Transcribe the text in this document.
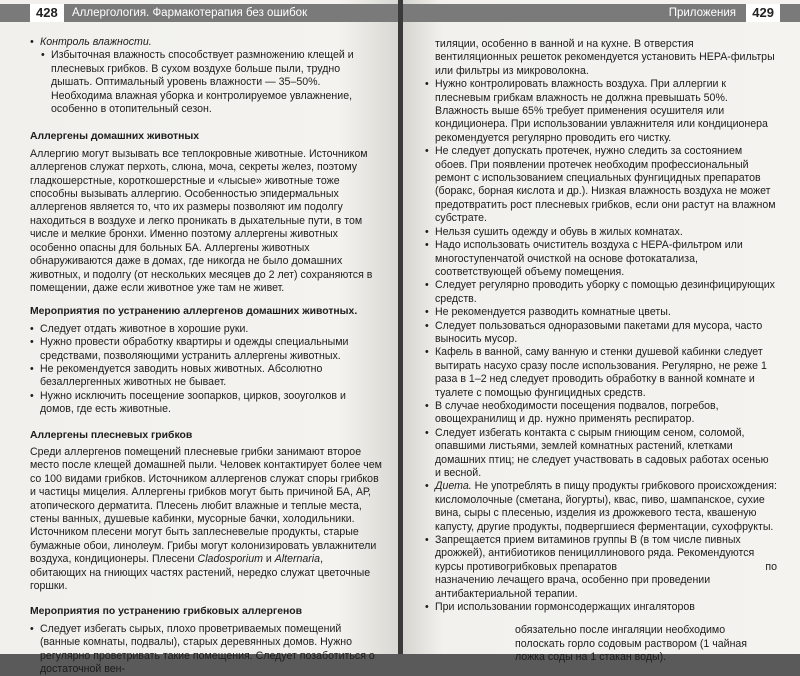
428	Аллергология. Фармакотерапия без ошибок

• Контроль влажности.

• Избыточная влажность способствует размножению клещей и плесневых грибков. В сухом воздухе больше пыли, трудно дышать. Оптимальный уровень влажности — 35–50%. Необходима влажная уборка и контролируемое увлажнение, особенно в отопительный сезон.

Аллергены домашних животных

Аллергию могут вызывать все теплокровные животные. Источником аллергенов служат перхоть, слюна, моча, секреты желез, поэтому гладкошерстные, короткошерстные и «лысые» животные тоже способны вызывать аллергию. Особенностью эпидермальных аллергенов является то, что их размеры позволяют им подолгу находиться в воздухе и легко проникать в дыхательные пути, в том числе и мелкие бронхи. Именно поэтому аллергены животных особенно опасны для больных БА. Аллергены животных обнаруживаются даже в домах, где никогда не было домашних животных, и подолгу (от нескольких месяцев до 2 лет) сохраняются в помещении, даже если животное уже там не живет.

Мероприятия по устранению аллергенов домашних животных.

• Следует отдать животное в хорошие руки.

• Нужно провести обработку квартиры и одежды специальными средствами, позволяющими устранить аллергены животных.

• Не рекомендуется заводить новых животных. Абсолютно безаллергенных животных не бывает.

• Нужно исключить посещение зоопарков, цирков, зооуголков и домов, где есть животные.

Аллергены плесневых грибков

Среди аллергенов помещений плесневые грибки занимают второе место после клещей домашней пыли. Человек контактирует более чем со 100 видами грибков. Источником аллергенов служат споры грибков и частицы мицелия. Аллергены грибков могут быть причиной БА, АР, атопического дерматита. Плесень любит влажные и теплые места, стены ванных, душевые кабинки, мусорные бачки, холодильники. Источником плесени могут быть заплесневелые продукты, старые бумажные обои, линолеум. Грибы могут колонизировать увлажнители воздуха, кондиционеры. Плесени Cladosporium и Alternaria, обитающих на гниющих частях растений, нередко служат цветочные горшки.

Мероприятия по устранению грибковых аллергенов

• Следует избегать сырых, плохо проветриваемых помещений (ванные комнаты, подвалы), старых деревянных домов. Нужно регулярно проветривать такие помещения. Следует позаботиться о достаточной вен-

Приложения	429

тиляции, особенно в ванной и на кухне. В отверстия вентиляционных решеток рекомендуется установить НЕРА-фильтры или фильтры из микроволокна.

• Нужно контролировать влажность воздуха. При аллергии к плесневым грибкам влажность не должна превышать 50%. Влажность выше 65% требует применения осушителя или кондиционера. При использовании увлажнителя или кондиционера рекомендуется регулярно проводить его чистку.

• Не следует допускать протечек, нужно следить за состоянием обоев. При появлении протечек необходим профессиональный ремонт с использованием специальных фунгицидных препаратов (боракс, борная кислота и др.). Низкая влажность воздуха не может предотвратить рост плесневых грибков, если они растут на влажном субстрате.

• Нельзя сушить одежду и обувь в жилых комнатах.

• Надо использовать очиститель воздуха с НЕРА-фильтром или многоступенчатой очисткой на основе фотокатализа, соответствующей объему помещения.

• Следует регулярно проводить уборку с помощью дезинфицирующих средств.

• Не рекомендуется разводить комнатные цветы.

• Следует пользоваться одноразовыми пакетами для мусора, часто выносить мусор.

• Кафель в ванной, саму ванную и стенки душевой кабинки следует вытирать насухо сразу после использования. Регулярно, не реже 1 раза в 1–2 нед следует проводить обработку в ванной комнате и туалете с помощью фунгицидных средств.

• В случае необходимости посещения подвалов, погребов, овощехранилищ и др. нужно применять респиратор.

• Следует избегать контакта с сырым гниющим сеном, соломой, опавшими листьями, землей комнатных растений, клетками домашних птиц; не следует участвовать в садовых работах осенью и весной.

• Диета. Не употреблять в пищу продукты грибкового происхождения: кисломолочные (сметана, йогурты), квас, пиво, шампанское, сухие вина, сыры с плесенью, изделия из дрожжевого теста, квашеную капусту, другие продукты, подвергшиеся ферментации, сухофрукты.

• Запрещается прием витаминов группы В (в том числе пивных дрожжей), антибиотиков пенициллинового ряда. Рекомендуются курсы противогрибковых препаратов	по

назначению лечащего врача, особенно при проведении антибактериальной терапии.

• При использовании гормонсодержащих ингаляторов

обязательно после ингаляции необходимо полоскать горло содовым раствором (1 чайная ложка соды на 1 стакан воды).
